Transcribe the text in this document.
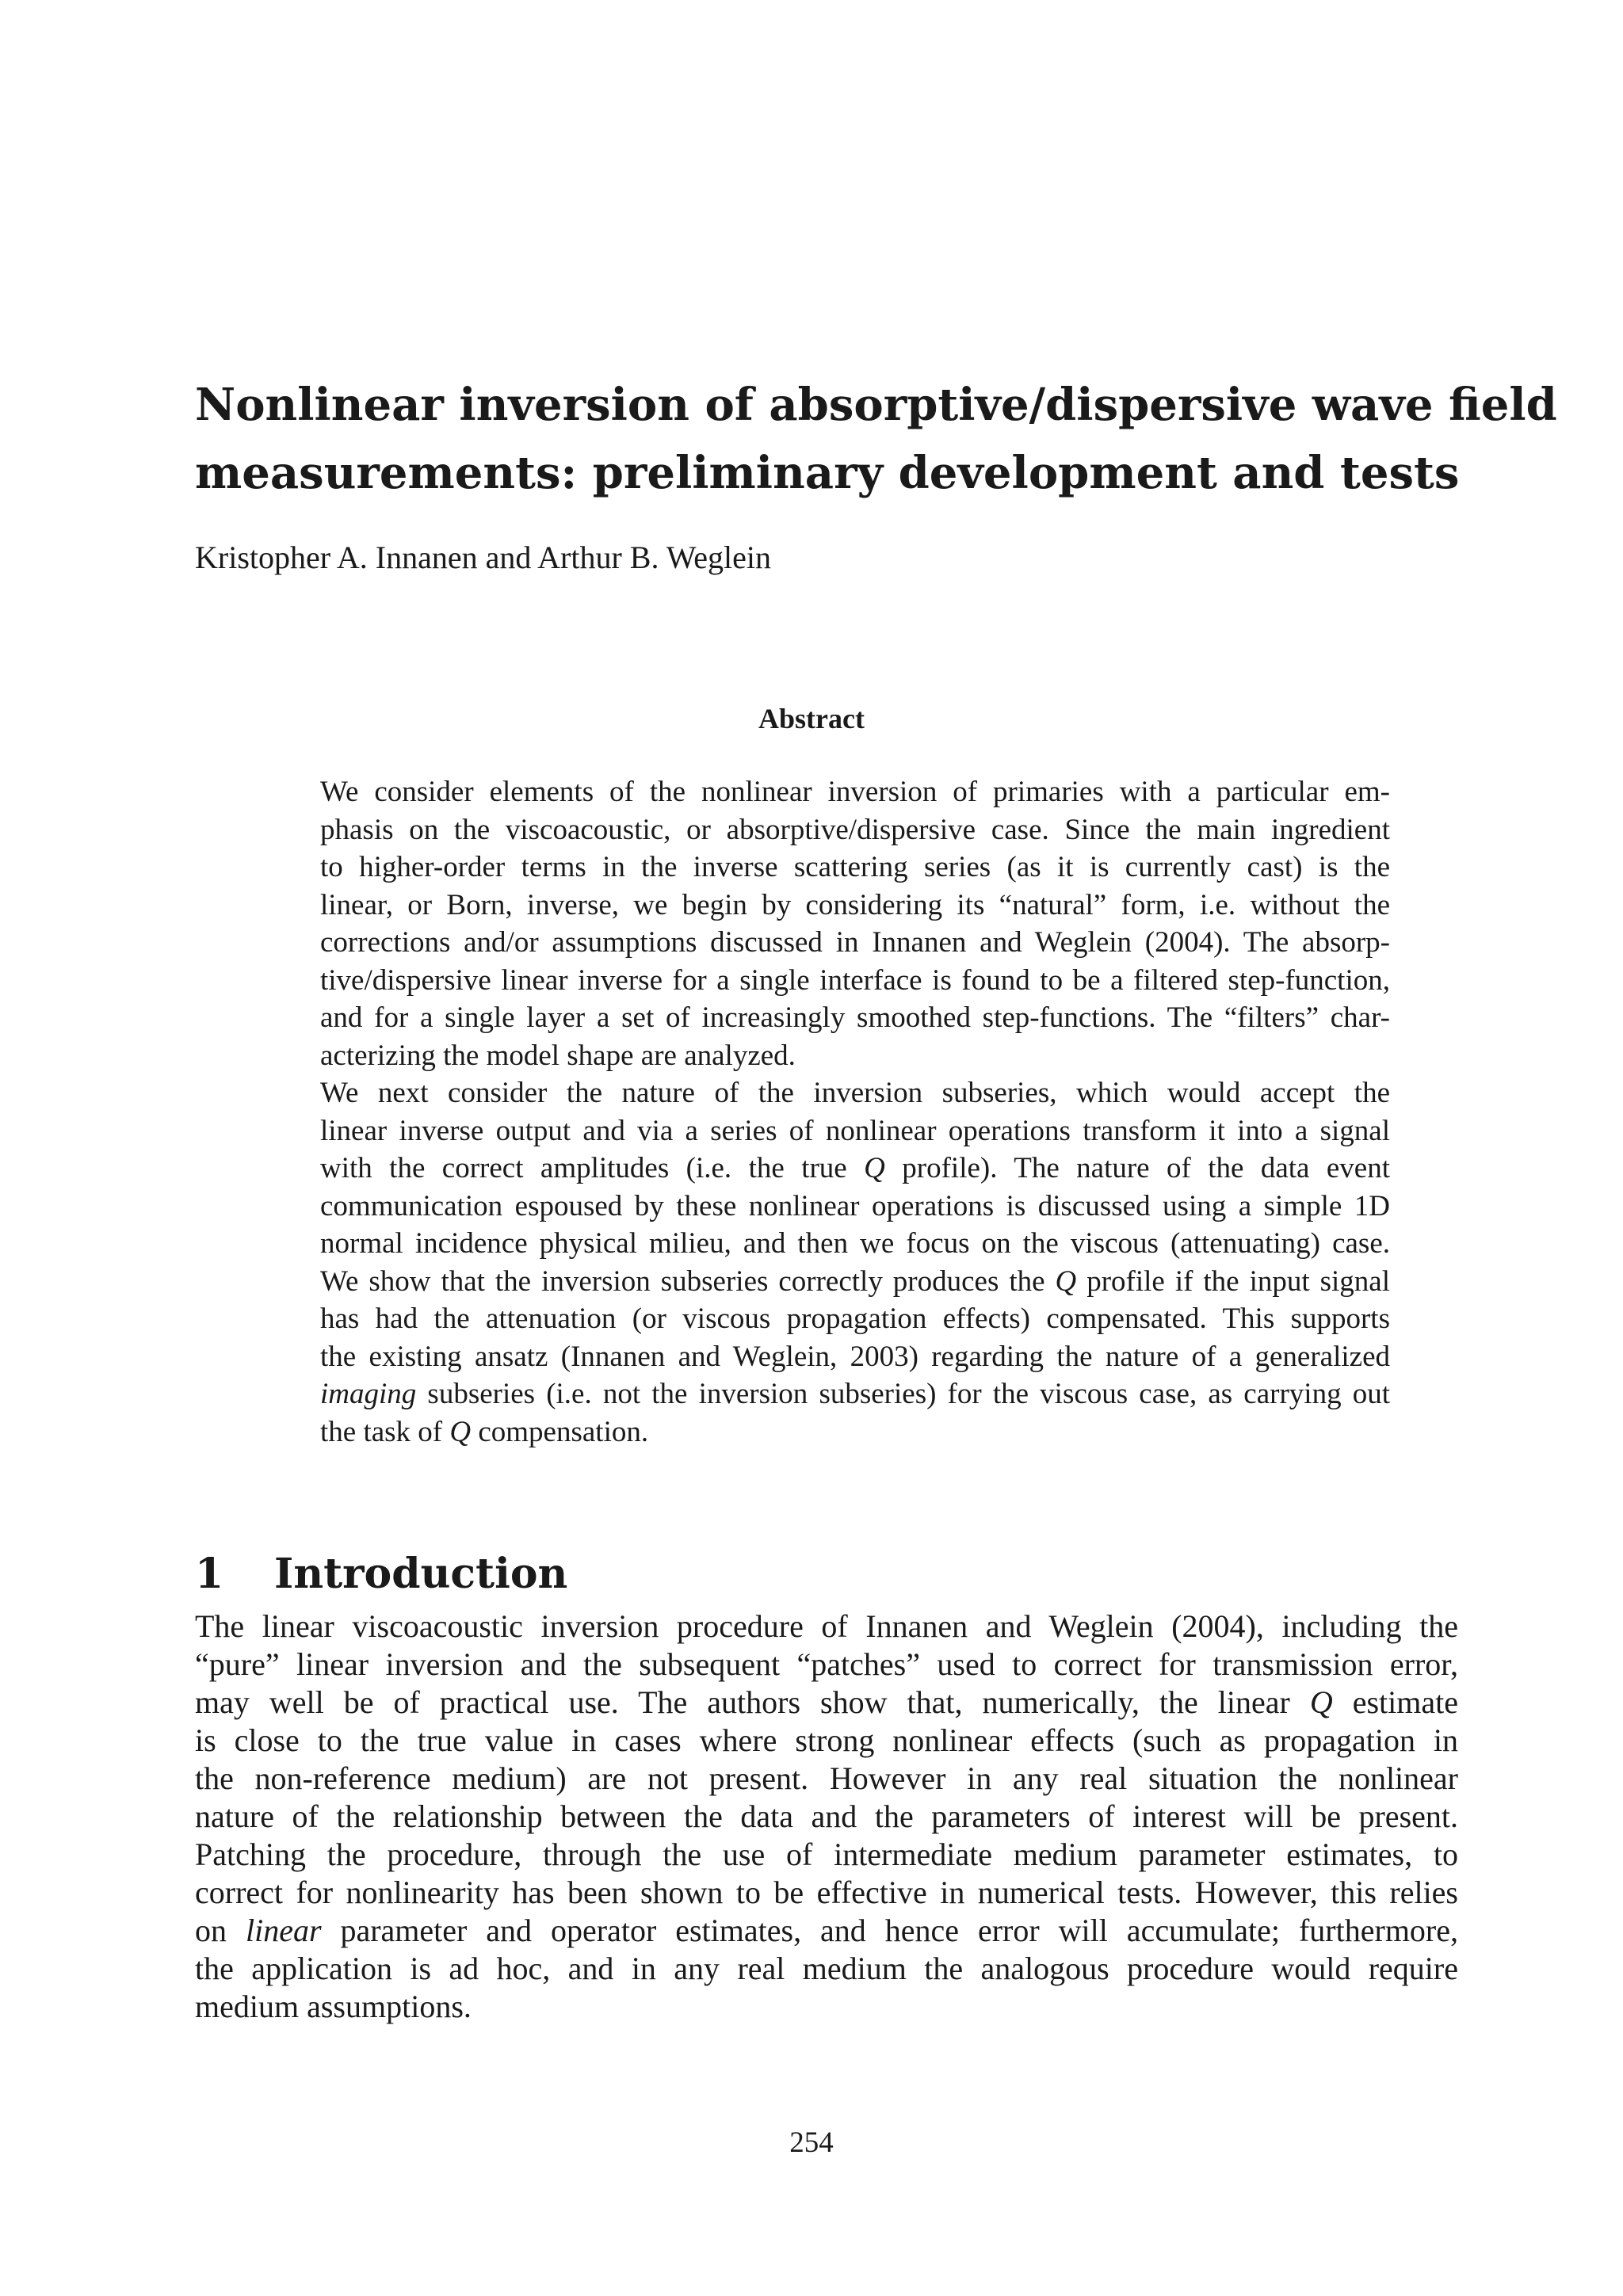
Nonlinear inversion of absorptive/dispersive wave field
measurements: preliminary development and tests
Kristopher A. Innanen and Arthur B. Weglein
Abstract

We consider elements of the nonlinear inversion of primaries with a particular em-
phasis on the viscoacoustic, or absorptive/dispersive case. Since the main ingredient
to higher-order terms in the inverse scattering series (as it is currently cast) is the
linear, or Born, inverse, we begin by considering its “natural” form, i.e. without the
corrections and/or assumptions discussed in Innanen and Weglein (2004). The absorp-
tive/dispersive linear inverse for a single interface is found to be a filtered step-function,
and for a single layer a set of increasingly smoothed step-functions. The “filters” char-
acterizing the model shape are analyzed.

We next consider the nature of the inversion subseries, which would accept the
linear inverse output and via a series of nonlinear operations transform it into a signal
with the correct amplitudes (i.e. the true Q profile). The nature of the data event
communication espoused by these nonlinear operations is discussed using a simple 1D
normal incidence physical milieu, and then we focus on the viscous (attenuating) case.
We show that the inversion subseries correctly produces the Q profile if the input signal
has had the attenuation (or viscous propagation effects) compensated. This supports
the existing ansatz (Innanen and Weglein, 2003) regarding the nature of a generalized
imaging subseries (i.e. not the inversion subseries) for the viscous case, as carrying out
the task of Q compensation.

1 Introduction

The linear viscoacoustic inversion procedure of Innanen and Weglein (2004), including the
“pure” linear inversion and the subsequent “patches” used to correct for transmission error,
may well be of practical use. The authors show that, numerically, the linear Q estimate
is close to the true value in cases where strong nonlinear effects (such as propagation in
the non-reference medium) are not present. However in any real situation the nonlinear
nature of the relationship between the data and the parameters of interest will be present.
Patching the procedure, through the use of intermediate medium parameter estimates, to
correct for nonlinearity has been shown to be effective in numerical tests. However, this relies
on linear parameter and operator estimates, and hence error will accumulate; furthermore,
the application is ad hoc, and in any real medium the analogous procedure would require
medium assumptions.

254
